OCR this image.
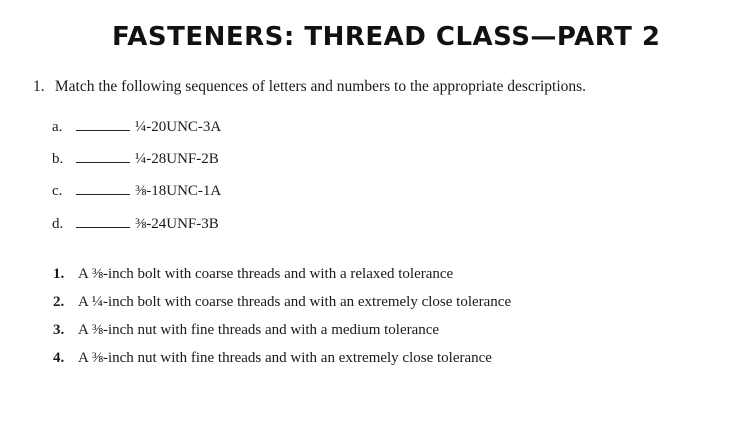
FASTENERS: THREAD CLASS—PART 2
1. Match the following sequences of letters and numbers to the appropriate descriptions.
a.	¼-20UNC-3A
b.	¼-28UNF-2B
c.	⅜-18UNC-1A
d.	⅜-24UNF-3B
1. A ⅜-inch bolt with coarse threads and with a relaxed tolerance
2. A ¼-inch bolt with coarse threads and with an extremely close tolerance
3. A ⅜-inch nut with fine threads and with a medium tolerance
4. A ⅜-inch nut with fine threads and with an extremely close tolerance
